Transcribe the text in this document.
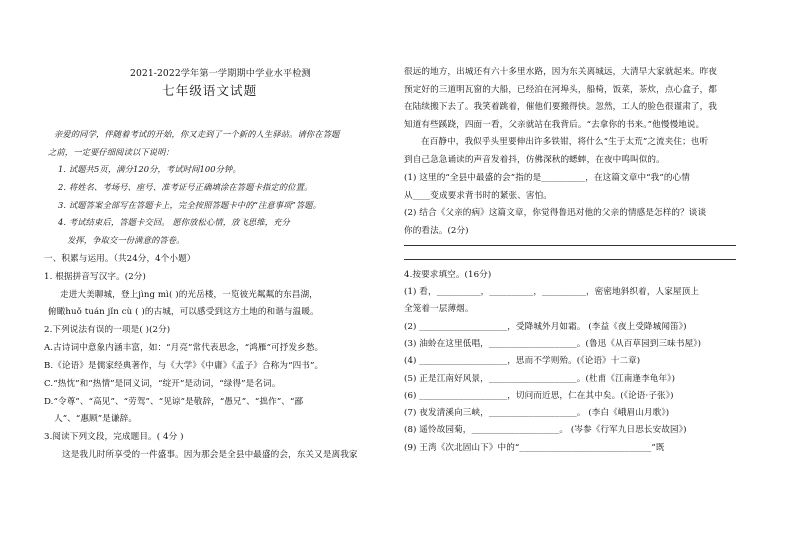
2021-2022学年第一学期期中学业水平检测
七年级语文试题
亲爱的同学，伴随着考试的开始，你又走到了一个新的人生驿站。请你在答题
之前，一定要仔细阅读以下说明：
1. 试题共5页，满分120分，考试时间100分钟。
2. 将姓名、考场号、座号、准考证号正确填涂在答题卡指定的位置。
3. 试题答案全部写在答题卡上，完全按照答题卡中的“注意事项”答题。
4. 考试结束后，答题卡交回。 愿你放松心情，放飞思维，充分
发挥，争取交一份满意的答卷。
一、积累与运用。（共24分，4个小题）
1. 根据拼音写汉字。(2分)
走进大美聊城，登上jìng mì( )的光岳楼，一览彼光粼粼的东昌湖，
俯瞰huǒ tuán jǐn cù ( )的古城，可以感受到这方土地的和谐与温暖。
2.下列说法有误的一项是( )(2分)
A.古诗词中意象内涵丰富，如：“月亮”常代表思念，“鸿雁”可抒发乡愁。
B.《论语》是儒家经典著作，与《大学》《中庸》《孟子》合称为“四书”。
C.“热忱”和“热情”是同义词，“绽开”是动词，“绿得”是名词。
D.“令尊”、“高见”、“劳驾”、“见谅”是敬辞，“愚兄”、“拙作”、“鄙
人”、“惠顾”是谦辞。
3.阅读下列文段，完成题目。( 4分 )
这是我儿时所享受的一件盛事。因为那会是全县中最盛的会，东关又是离我家
很远的地方，出城还有六十多里水路，因为东关离城远，大清早大家就起来。昨夜
预定好的三道明瓦窗的大船，已经泊在河埠头，船椅，饭菜，茶炊，点心盒子，都
在陆续搬下去了。我笑着跳着，催他们要搬得快。忽然，工人的脸色很谨肃了，我
知道有些蹊跷，四面一看，父亲就站在我背后。“去拿你的书来。”他慢慢地说。
在百静中，我似乎头里要伸出许多铁钳，将什么“生于太荒”之流夹住；也听
到自己急急诵读的声音发着抖，仿佛深秋的蟋蟀，在夜中鸣叫似的。
(1) 这里的“全县中最盛的会”指的是__________，在这篇文章中“我”的心情
从____变成要求背书时的紧张、害怕。
(2) 结合《父亲的病》这篇文章，你觉得鲁迅对他的父亲的情感是怎样的？谈谈
你的看法。(2分)
4.按要求填空。(16分)
(1) 看，__________，__________，__________，密密地斜织着，人家屋顶上
全笼着一层薄烟。
(2) ____________________，受降城外月如霜。 (李益《夜上受降城闻笛》)
(3) 油蛉在这里低唱，____________________。(鲁迅《从百草园到三味书屋》)
(4) ____________________，思而不学则殆。(《论语》十二章)
(5) 正是江南好风景，____________________。(杜甫《江南逢李龟年》)
(6) ____________________，切问而近思，仁在其中矣。(《论语·子张》)
(7) 夜发清溪向三峡，____________________。 (李白《峨眉山月歌》)
(8) 遥怜故园菊，____________________。 (岑参《行军九日思长安故园》)
(9) 王湾《次北固山下》中的“______________________________”既
